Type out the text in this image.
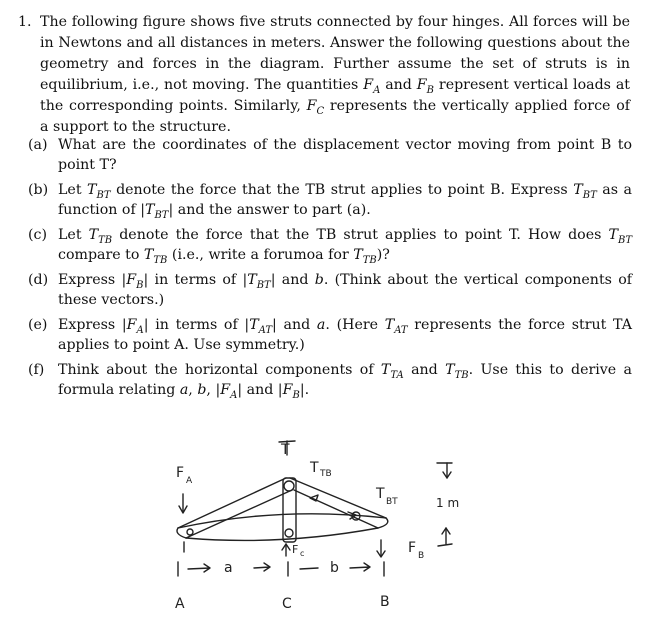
1. The following figure shows five struts connected by four hinges. All forces will be in Newtons and all distances in meters. Answer the following questions about the geometry and forces in the diagram. Further assume the set of struts is in equilibrium, i.e., not moving. The quantities $F_A$ and $F_B$ represent vertical loads at the corresponding points. Similarly, $F_C$ represents the vertically applied force of a support to the structure.
(a) What are the coordinates of the displacement vector moving from point B to point T?
(b) Let $T_{BT}$ denote the force that the TB strut applies to point B. Express $T_{BT}$ as a function of $|T_{BT}|$ and the answer to part (a).
(c) Let $T_{TB}$ denote the force that the TB strut applies to point T. How does $T_{BT}$ compare to $T_{TB}$ (i.e., write a forumoa for $T_{TB}$)?
(d) Express $|F_B|$ in terms of $|T_{BT}|$ and b. (Think about the vertical components of these vectors.)
(e) Express $|F_A|$ in terms of $|T_{AT}|$ and a. (Here $T_{AT}$ represents the force strut TA applies to point A. Use symmetry.)
(f) Think about the horizontal components of $T_{TA}$ and $T_{TB}$. Use this to derive a formula relating a, b, $|F_A|$ and $|F_B|$.
T
T TB
F A
T BT
F c	F B
1 m
a	b
A	C	B
